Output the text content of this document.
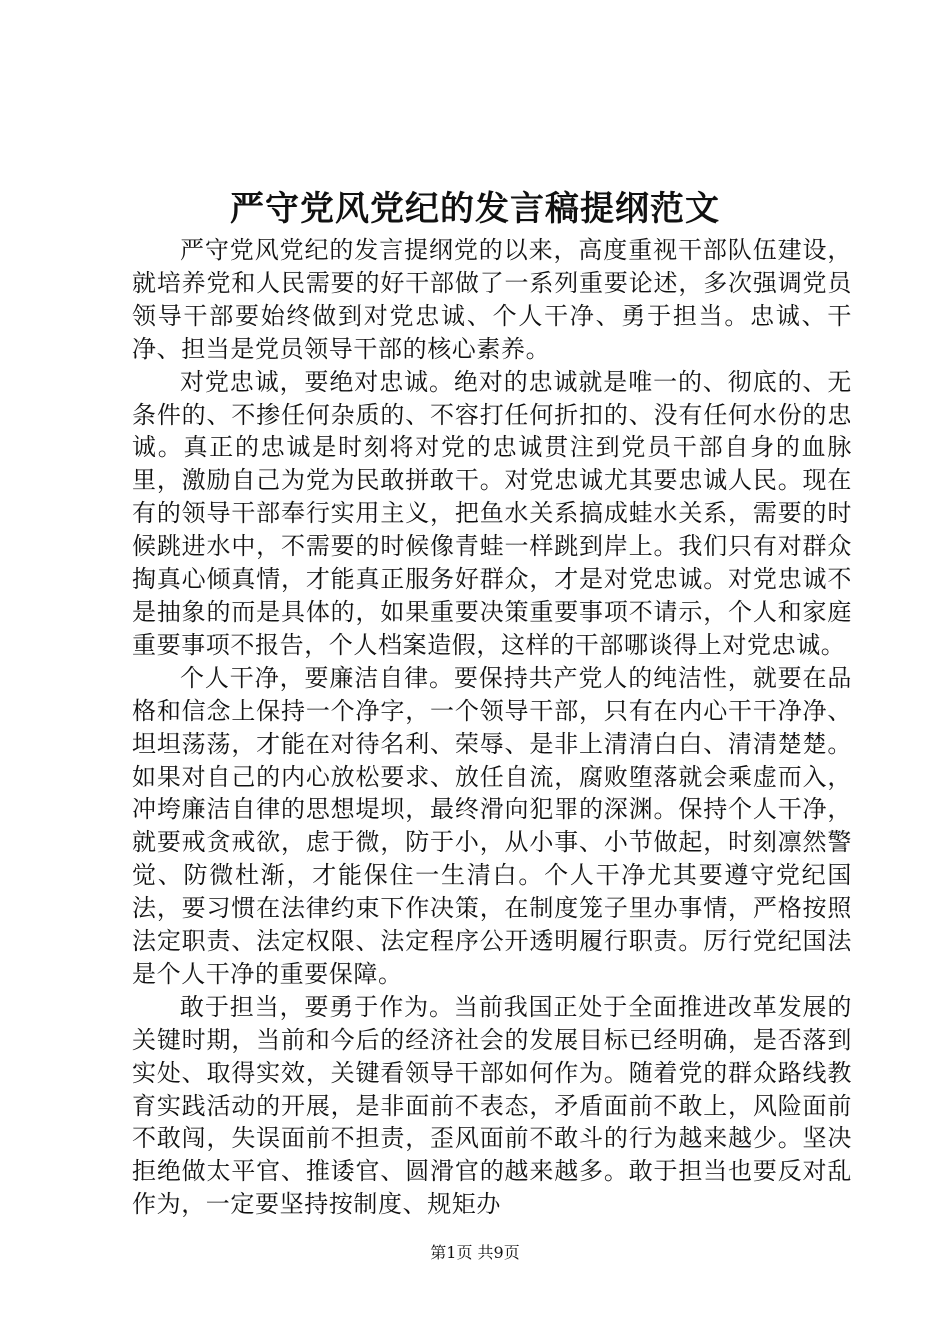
严守党风党纪的发言稿提纲范文

严守党风党纪的发言提纲党的以来，高度重视干部队伍建设，就培养党和人民需要的好干部做了一系列重要论述，多次强调党员领导干部要始终做到对党忠诚、个人干净、勇于担当。忠诚、干净、担当是党员领导干部的核心素养。

对党忠诚，要绝对忠诚。绝对的忠诚就是唯一的、彻底的、无条件的、不掺任何杂质的、不容打任何折扣的、没有任何水份的忠诚。真正的忠诚是时刻将对党的忠诚贯注到党员干部自身的血脉里，激励自己为党为民敢拼敢干。对党忠诚尤其要忠诚人民。现在有的领导干部奉行实用主义，把鱼水关系搞成蛙水关系，需要的时候跳进水中，不需要的时候像青蛙一样跳到岸上。我们只有对群众掏真心倾真情，才能真正服务好群众，才是对党忠诚。对党忠诚不是抽象的而是具体的，如果重要决策重要事项不请示，个人和家庭重要事项不报告，个人档案造假，这样的干部哪谈得上对党忠诚。

个人干净，要廉洁自律。要保持共产党人的纯洁性，就要在品格和信念上保持一个净字，一个领导干部，只有在内心干干净净、坦坦荡荡，才能在对待名利、荣辱、是非上清清白白、清清楚楚。如果对自己的内心放松要求、放任自流，腐败堕落就会乘虚而入，冲垮廉洁自律的思想堤坝，最终滑向犯罪的深渊。保持个人干净，就要戒贪戒欲，虑于微，防于小，从小事、小节做起，时刻凛然警觉、防微杜渐，才能保住一生清白。个人干净尤其要遵守党纪国法，要习惯在法律约束下作决策，在制度笼子里办事情，严格按照法定职责、法定权限、法定程序公开透明履行职责。厉行党纪国法是个人干净的重要保障。

敢于担当，要勇于作为。当前我国正处于全面推进改革发展的关键时期，当前和今后的经济社会的发展目标已经明确，是否落到实处、取得实效，关键看领导干部如何作为。随着党的群众路线教育实践活动的开展，是非面前不表态，矛盾面前不敢上，风险面前不敢闯，失误面前不担责，歪风面前不敢斗的行为越来越少。坚决拒绝做太平官、推诿官、圆滑官的越来越多。敢于担当也要反对乱作为，一定要坚持按制度、规矩办

第1页 共9页
